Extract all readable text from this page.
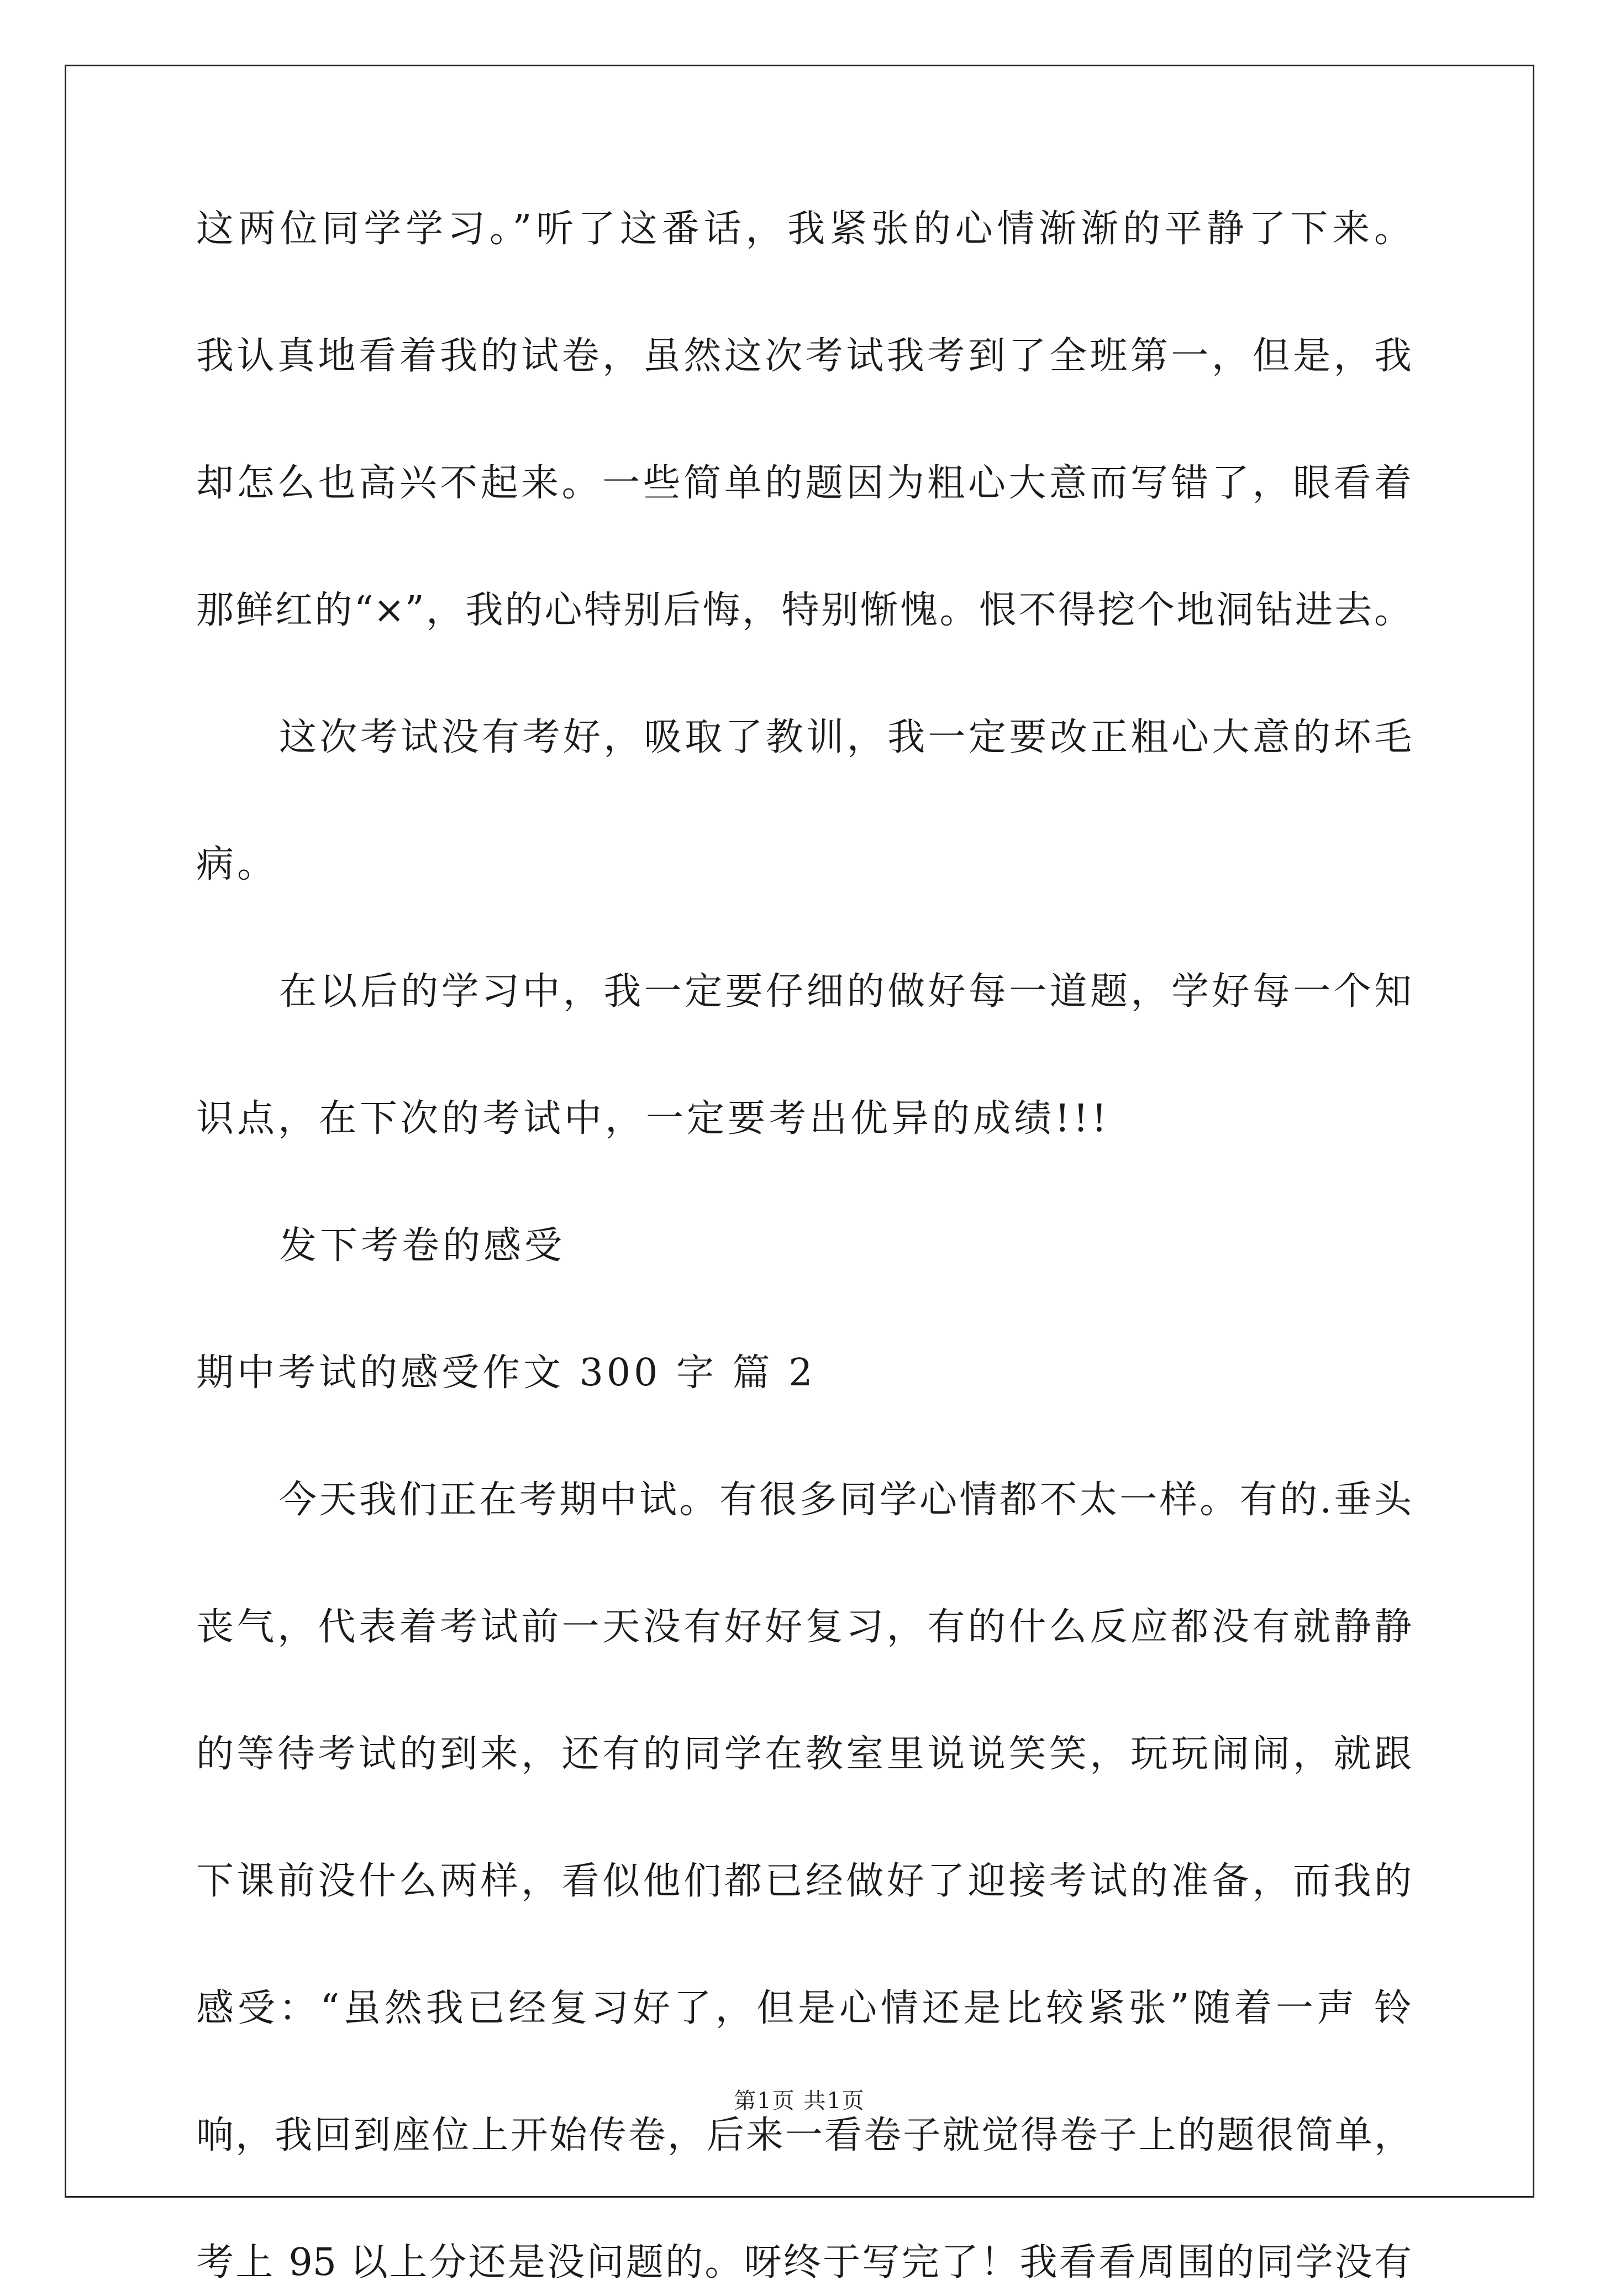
这两位同学学习。”听了这番话，我紧张的心情渐渐的平静了下来。
我认真地看着我的试卷，虽然这次考试我考到了全班第一，但是，我
却怎么也高兴不起来。一些简单的题因为粗心大意而写错了，眼看着
那鲜红的“×”，我的心特别后悔，特别惭愧。恨不得挖个地洞钻进去。
这次考试没有考好，吸取了教训，我一定要改正粗心大意的坏毛
病。
在以后的学习中，我一定要仔细的做好每一道题，学好每一个知
识点，在下次的考试中，一定要考出优异的成绩!!!
发下考卷的感受
期中考试的感受作文 300 字 篇 2
今天我们正在考期中试。有很多同学心情都不太一样。有的.垂头
丧气，代表着考试前一天没有好好复习，有的什么反应都没有就静静
的等待考试的到来，还有的同学在教室里说说笑笑，玩玩闹闹，就跟
下课前没什么两样，看似他们都已经做好了迎接考试的准备，而我的
感受：“虽然我已经复习好了，但是心情还是比较紧张”随着一声 铃
响，我回到座位上开始传卷，后来一看卷子就觉得卷子上的题很简单，
考上 95 以上分还是没问题的。呀终于写完了！我看看周围的同学没有
第1页 共1页
